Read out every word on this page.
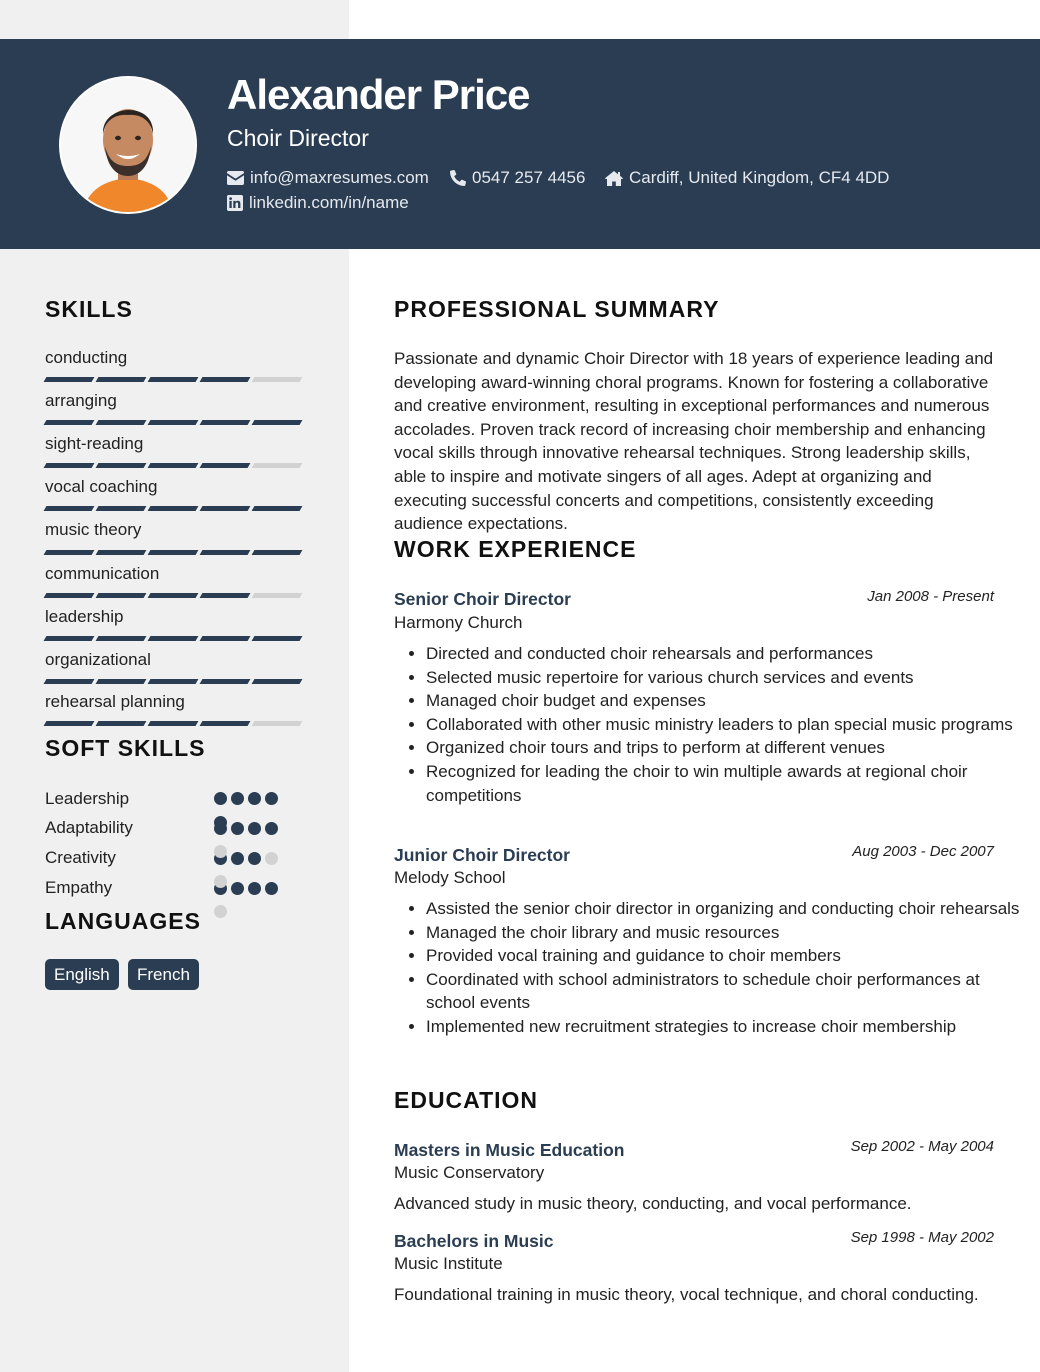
Alexander Price
Choir Director
info@maxresumes.com	0547 257 4456	Cardiff, United Kingdom, CF4 4DD
linkedin.com/in/name
SKILLS
conducting
arranging
sight-reading
vocal coaching
music theory
communication
leadership
organizational
rehearsal planning
SOFT SKILLS
Leadership
Adaptability
Creativity
Empathy
LANGUAGES
English	French
PROFESSIONAL SUMMARY
Passionate and dynamic Choir Director with 18 years of experience leading and developing award-winning choral programs. Known for fostering a collaborative and creative environment, resulting in exceptional performances and numerous accolades. Proven track record of increasing choir membership and enhancing vocal skills through innovative rehearsal techniques. Strong leadership skills, able to inspire and motivate singers of all ages. Adept at organizing and executing successful concerts and competitions, consistently exceeding audience expectations.
WORK EXPERIENCE
Senior Choir Director	Jan 2008 - Present
Harmony Church
• Directed and conducted choir rehearsals and performances
• Selected music repertoire for various church services and events
• Managed choir budget and expenses
• Collaborated with other music ministry leaders to plan special music programs
• Organized choir tours and trips to perform at different venues
• Recognized for leading the choir to win multiple awards at regional choir competitions
Junior Choir Director	Aug 2003 - Dec 2007
Melody School
• Assisted the senior choir director in organizing and conducting choir rehearsals
• Managed the choir library and music resources
• Provided vocal training and guidance to choir members
• Coordinated with school administrators to schedule choir performances at school events
• Implemented new recruitment strategies to increase choir membership
EDUCATION
Masters in Music Education	Sep 2002 - May 2004
Music Conservatory
Advanced study in music theory, conducting, and vocal performance.
Bachelors in Music	Sep 1998 - May 2002
Music Institute
Foundational training in music theory, vocal technique, and choral conducting.
